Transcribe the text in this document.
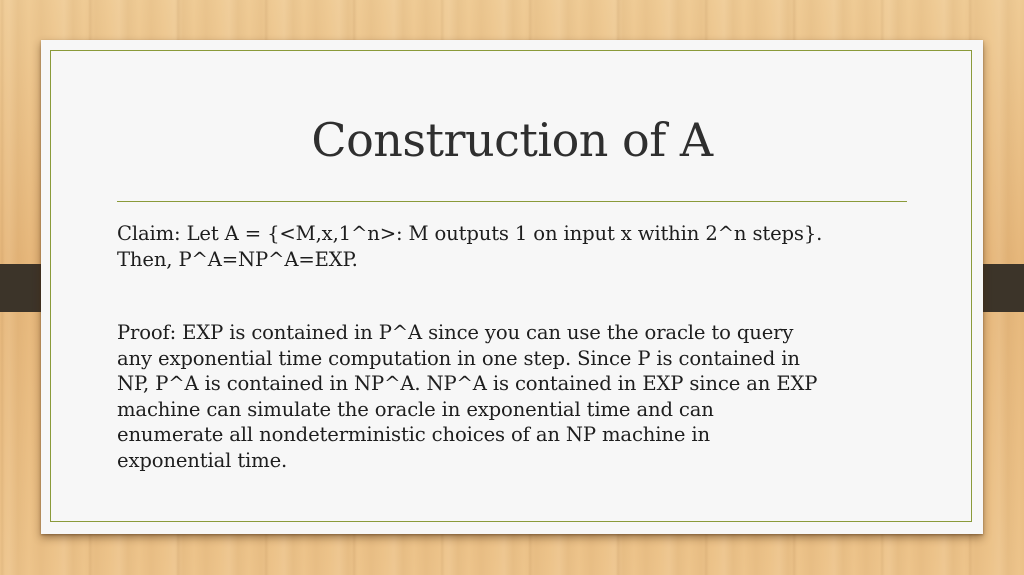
Construction of A
Claim: Let A = {<M,x,1^n>: M outputs 1 on input x within 2^n steps}.
Then, P^A=NP^A=EXP.
Proof: EXP is contained in P^A since you can use the oracle to query
any exponential time computation in one step. Since P is contained in
NP, P^A is contained in NP^A. NP^A is contained in EXP since an EXP
machine can simulate the oracle in exponential time and can
enumerate all nondeterministic choices of an NP machine in
exponential time.
